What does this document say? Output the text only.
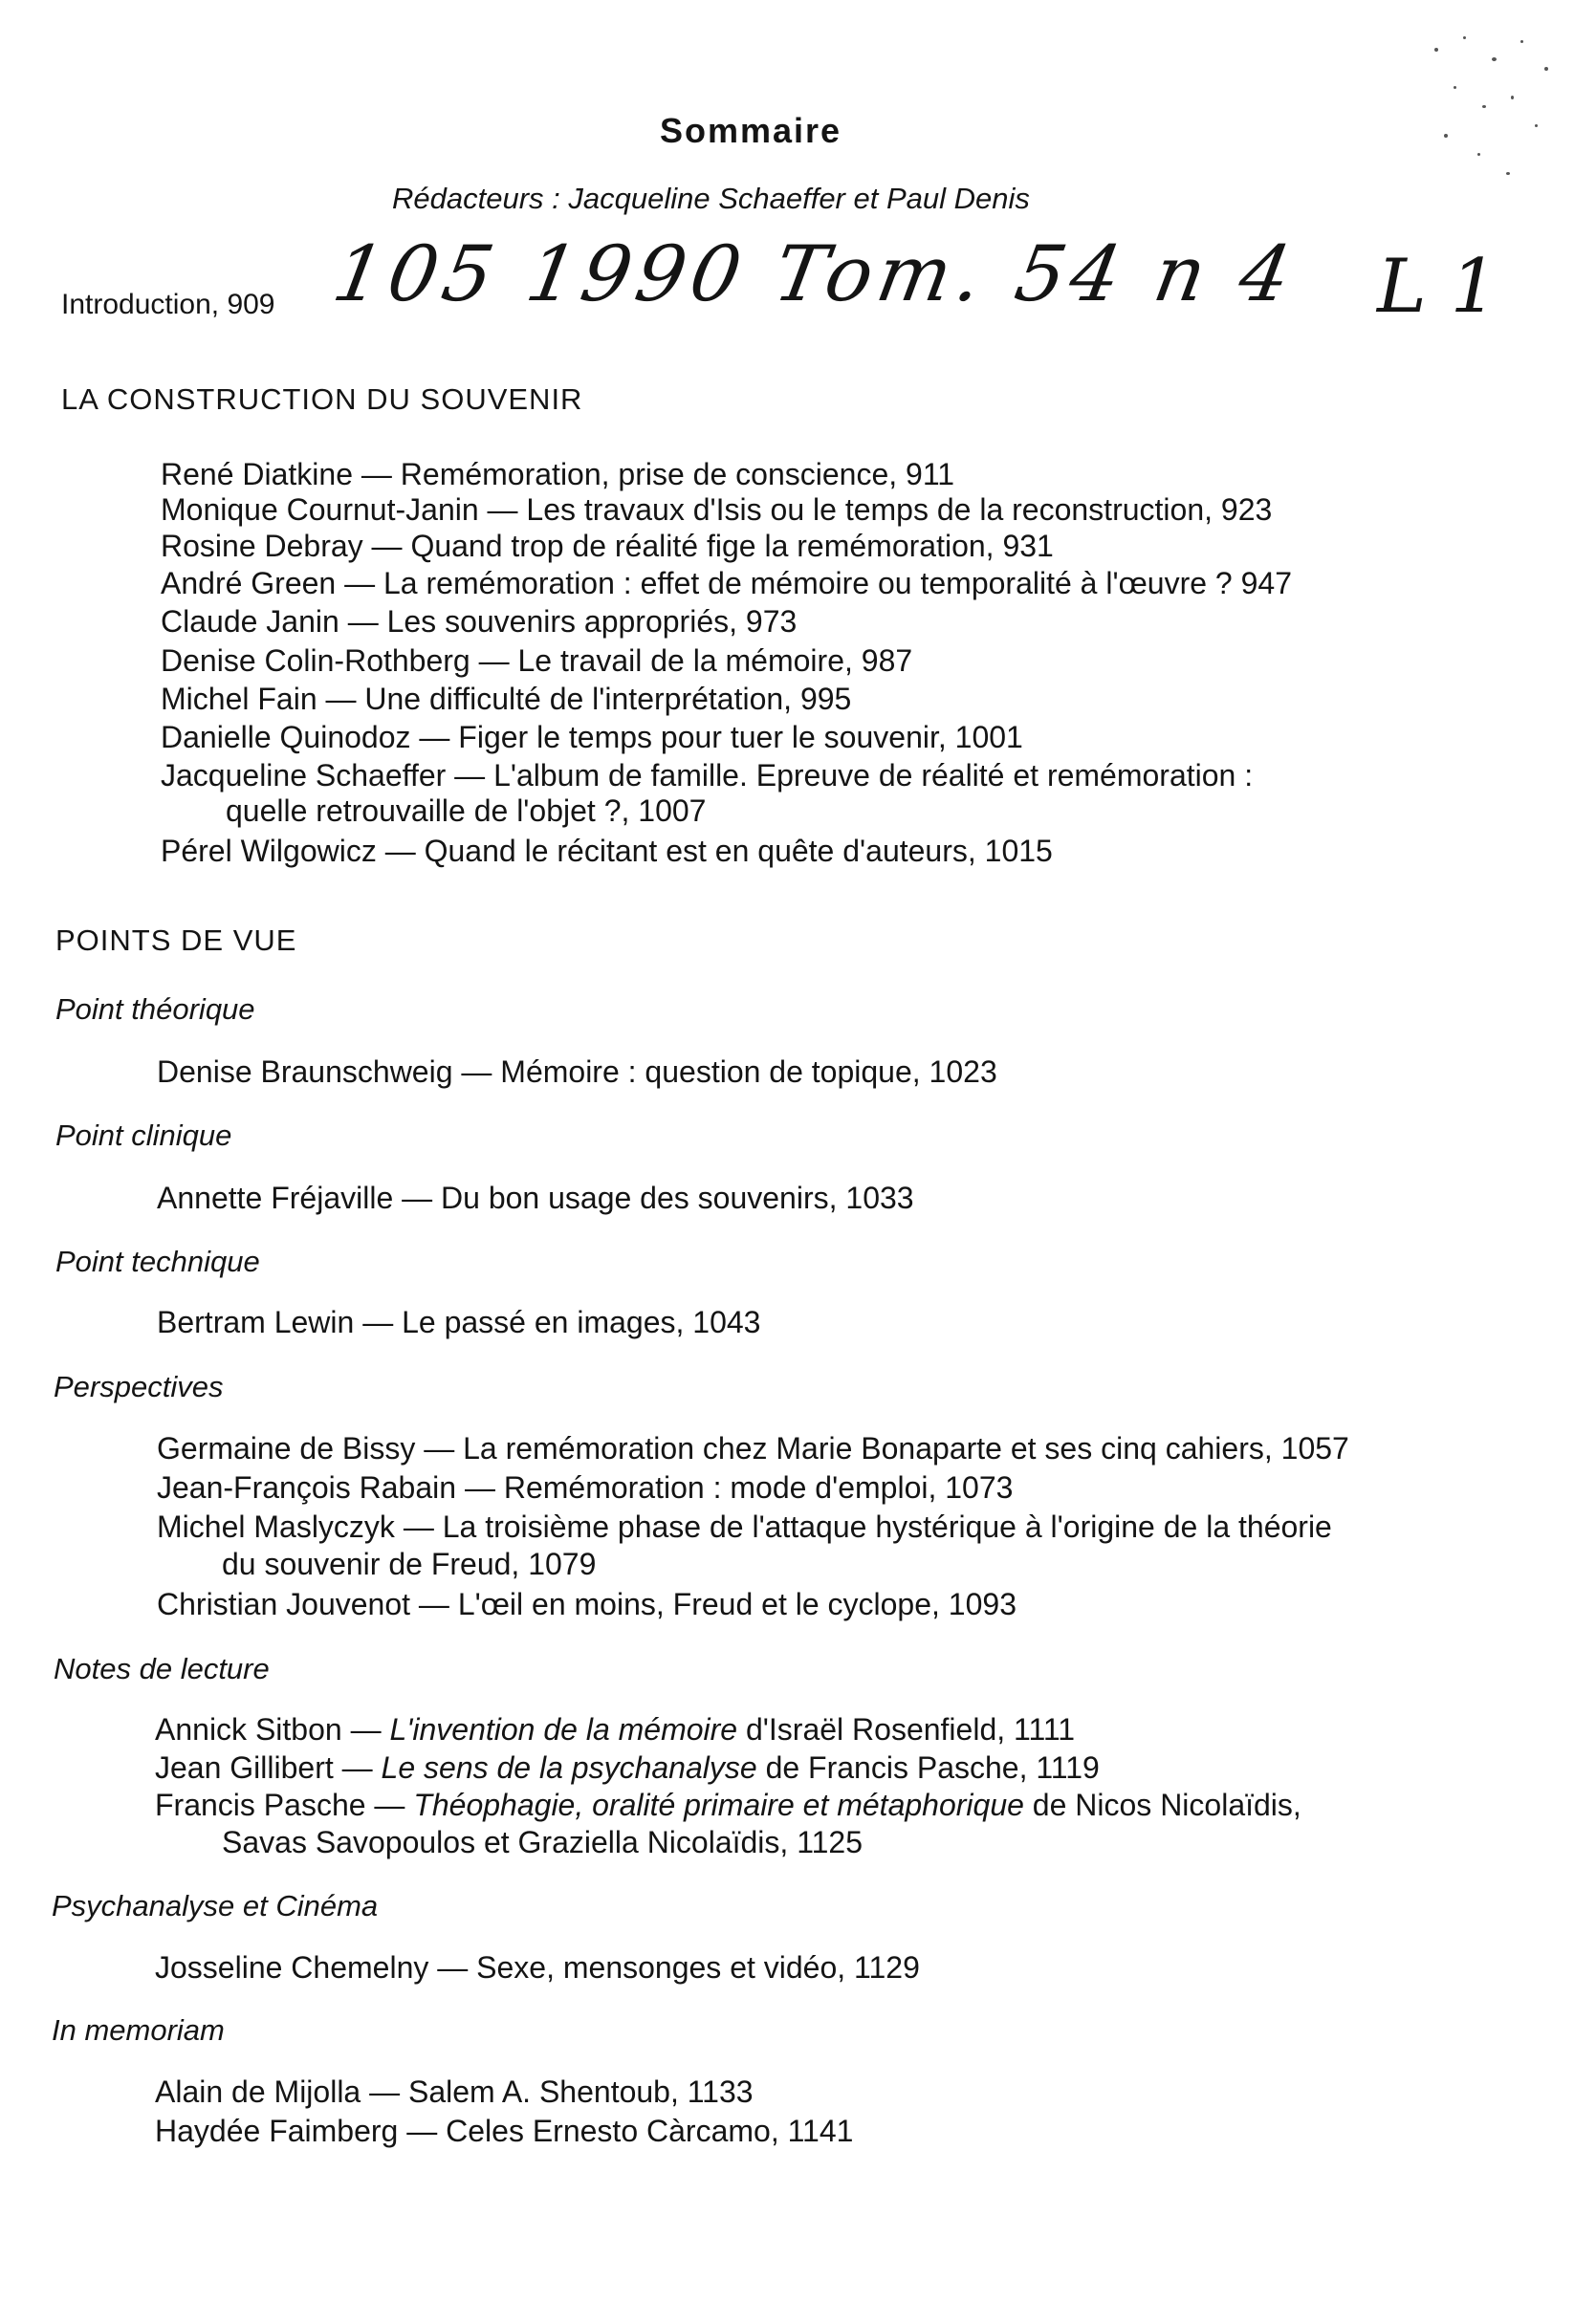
Sommaire
Rédacteurs : Jacqueline Schaeffer et Paul Denis
105 1990 Tom. 54 n 4 L 1
Introduction, 909
LA CONSTRUCTION DU SOUVENIR
René Diatkine — Remémoration, prise de conscience, 911
Monique Cournut-Janin — Les travaux d'Isis ou le temps de la reconstruction, 923
Rosine Debray — Quand trop de réalité fige la remémoration, 931
André Green — La remémoration : effet de mémoire ou temporalité à l'œuvre ? 947
Claude Janin — Les souvenirs appropriés, 973
Denise Colin-Rothberg — Le travail de la mémoire, 987
Michel Fain — Une difficulté de l'interprétation, 995
Danielle Quinodoz — Figer le temps pour tuer le souvenir, 1001
Jacqueline Schaeffer — L'album de famille. Epreuve de réalité et remémoration :
quelle retrouvaille de l'objet ?, 1007
Pérel Wilgowicz — Quand le récitant est en quête d'auteurs, 1015
POINTS DE VUE
Point théorique
Denise Braunschweig — Mémoire : question de topique, 1023
Point clinique
Annette Fréjaville — Du bon usage des souvenirs, 1033
Point technique
Bertram Lewin — Le passé en images, 1043
Perspectives
Germaine de Bissy — La remémoration chez Marie Bonaparte et ses cinq cahiers, 1057
Jean-François Rabain — Remémoration : mode d'emploi, 1073
Michel Maslyczyk — La troisième phase de l'attaque hystérique à l'origine de la théorie
du souvenir de Freud, 1079
Christian Jouvenot — L'œil en moins, Freud et le cyclope, 1093
Notes de lecture
Annick Sitbon — L'invention de la mémoire d'Israël Rosenfield, 1111
Jean Gillibert — Le sens de la psychanalyse de Francis Pasche, 1119
Francis Pasche — Théophagie, oralité primaire et métaphorique de Nicos Nicolaïdis,
Savas Savopoulos et Graziella Nicolaïdis, 1125
Psychanalyse et Cinéma
Josseline Chemelny — Sexe, mensonges et vidéo, 1129
In memoriam
Alain de Mijolla — Salem A. Shentoub, 1133
Haydée Faimberg — Celes Ernesto Càrcamo, 1141
